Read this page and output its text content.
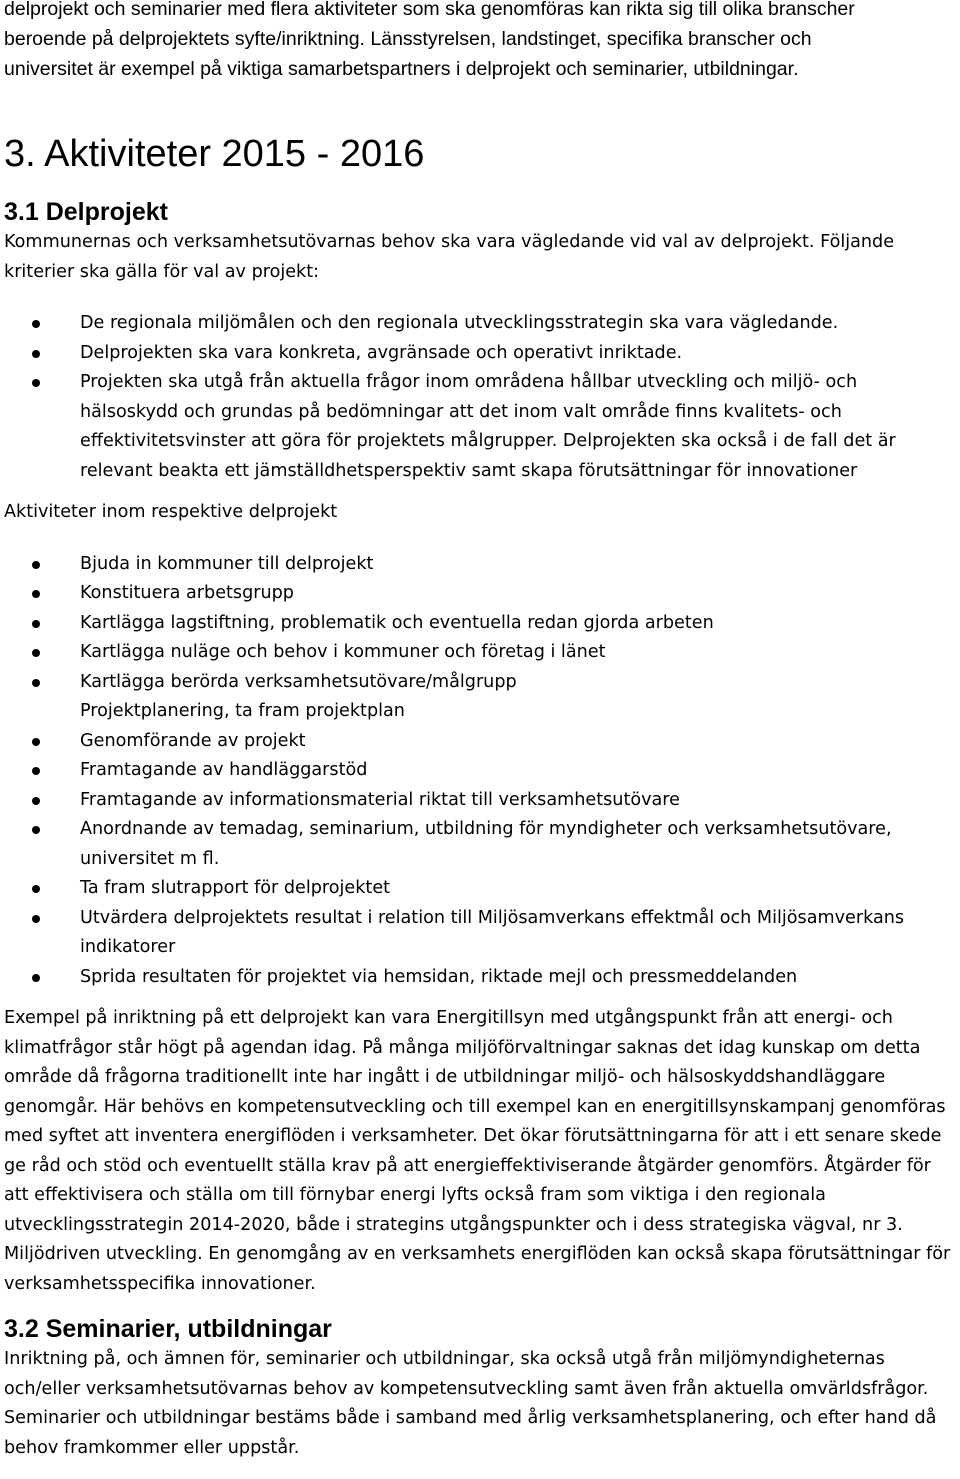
delprojekt och seminarier med flera aktiviteter som ska genomföras kan rikta sig till olika branscher
beroende på delprojektets syfte/inriktning. Länsstyrelsen, landstinget, specifika branscher och
universitet är exempel på viktiga samarbetspartners i delprojekt och seminarier, utbildningar.
3. Aktiviteter 2015 - 2016
3.1 Delprojekt

Kommunernas och verksamhetsutövarnas behov ska vara vägledande vid val av delprojekt. Följande kriterier ska gälla för val av projekt:

De regionala miljömålen och den regionala utvecklingsstrategin ska vara vägledande.
Delprojekten ska vara konkreta, avgränsade och operativt inriktade.
Projekten ska utgå från aktuella frågor inom områdena hållbar utveckling och miljö- och hälsoskydd och grundas på bedömningar att det inom valt område finns kvalitets- och effektivitetsvinster att göra för projektets målgrupper. Delprojekten ska också i de fall det är relevant beakta ett jämställdhetsperspektiv samt skapa förutsättningar för innovationer

Aktiviteter inom respektive delprojekt

Bjuda in kommuner till delprojekt
Konstituera arbetsgrupp
Kartlägga lagstiftning, problematik och eventuella redan gjorda arbeten
Kartlägga nuläge och behov i kommuner och företag i länet
Kartlägga berörda verksamhetsutövare/målgrupp
Projektplanering, ta fram projektplan
Genomförande av projekt
Framtagande av handläggarstöd
Framtagande av informationsmaterial riktat till verksamhetsutövare
Anordnande av temadag, seminarium, utbildning för myndigheter och verksamhetsutövare, universitet m fl.
Ta fram slutrapport för delprojektet
Utvärdera delprojektets resultat i relation till Miljösamverkans effektmål och Miljösamverkans indikatorer
Sprida resultaten för projektet via hemsidan, riktade mejl och pressmeddelanden

Exempel på inriktning på ett delprojekt kan vara Energitillsyn med utgångspunkt från att energi- och klimatfrågor står högt på agendan idag. På många miljöförvaltningar saknas det idag kunskap om detta område då frågorna traditionellt inte har ingått i de utbildningar miljö- och hälsoskyddshandläggare genomgår. Här behövs en kompetensutveckling och till exempel kan en energitillsynskampanj genomföras med syftet att inventera energiflöden i verksamheter. Det ökar förutsättningarna för att i ett senare skede ge råd och stöd och eventuellt ställa krav på att energieffektiviserande åtgärder genomförs. Åtgärder för att effektivisera och ställa om till förnybar energi lyfts också fram som viktiga i den regionala utvecklingsstrategin 2014-2020, både i strategins utgångspunkter och i dess strategiska vägval, nr 3. Miljödriven utveckling. En genomgång av en verksamhets energiflöden kan också skapa förutsättningar för verksamhetsspecifika innovationer.

3.2 Seminarier, utbildningar

Inriktning på, och ämnen för, seminarier och utbildningar, ska också utgå från miljömyndigheternas och/eller verksamhetsutövarnas behov av kompetensutveckling samt även från aktuella omvärldsfrågor. Seminarier och utbildningar bestäms både i samband med årlig verksamhetsplanering, och efter hand då behov framkommer eller uppstår.
